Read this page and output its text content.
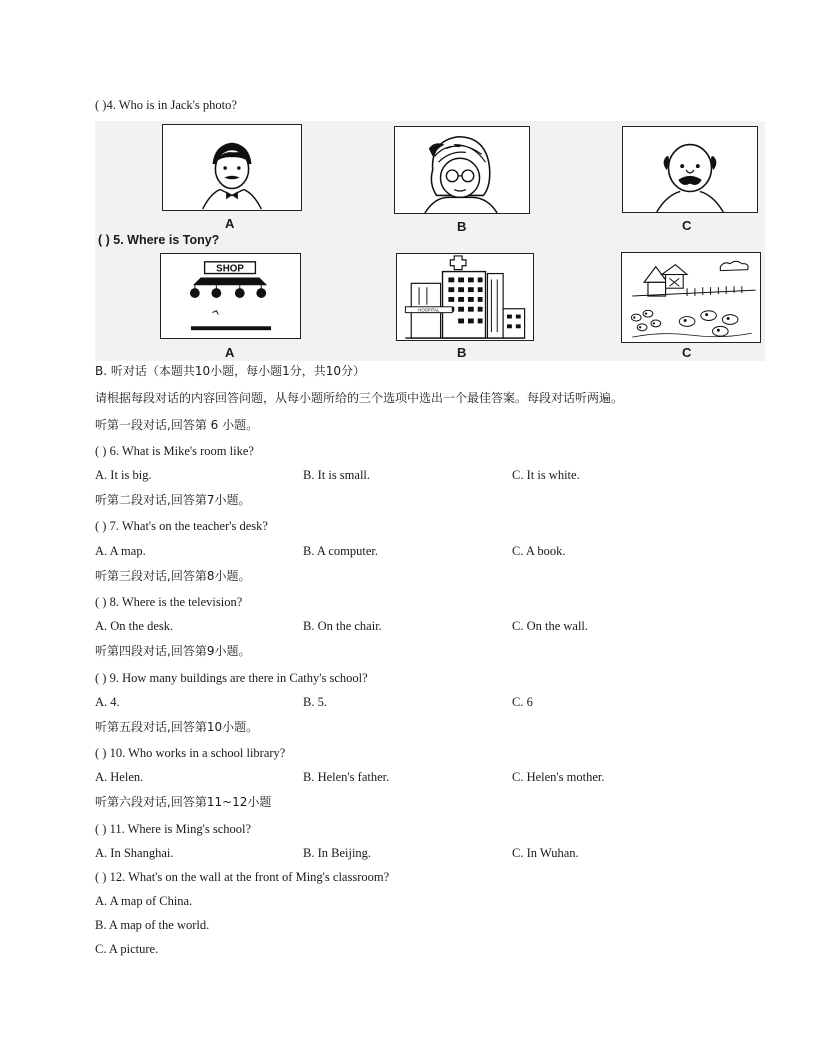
( )4. Who is in Jack's photo?
A	B	C
( ) 5. Where is Tony?
SHOP
A
HOSPITAL
B	C
B. 听对话（本题共10小题，每小题1分，共10分）
请根据每段对话的内容回答问题，从每小题所给的三个选项中选出一个最佳答案。每段对话听两遍。
听第一段对话,回答第 6 小题。
( ) 6. What is Mike's room like?
A. It is big.	B. It is small.	C. It is white.
听第二段对话,回答第7小题。
( ) 7. What's on the teacher's desk?
A. A map.	B. A computer.	C. A book.
听第三段对话,回答第8小题。
( ) 8. Where is the television?
A. On the desk.	B. On the chair.	C. On the wall.
听第四段对话,回答第9小题。
( ) 9. How many buildings are there in Cathy's school?
A. 4.	B. 5.	C. 6
听第五段对话,回答第10小题。
( ) 10. Who works in a school library?
A. Helen.	B. Helen's father.	C. Helen's mother.
听第六段对话,回答第11~12小题
( ) 11. Where is Ming's school?
A. In Shanghai.	B. In Beijing.	C. In Wuhan.
( ) 12. What's on the wall at the front of Ming's classroom?
A. A map of China.
B. A map of the world.
C. A picture.
